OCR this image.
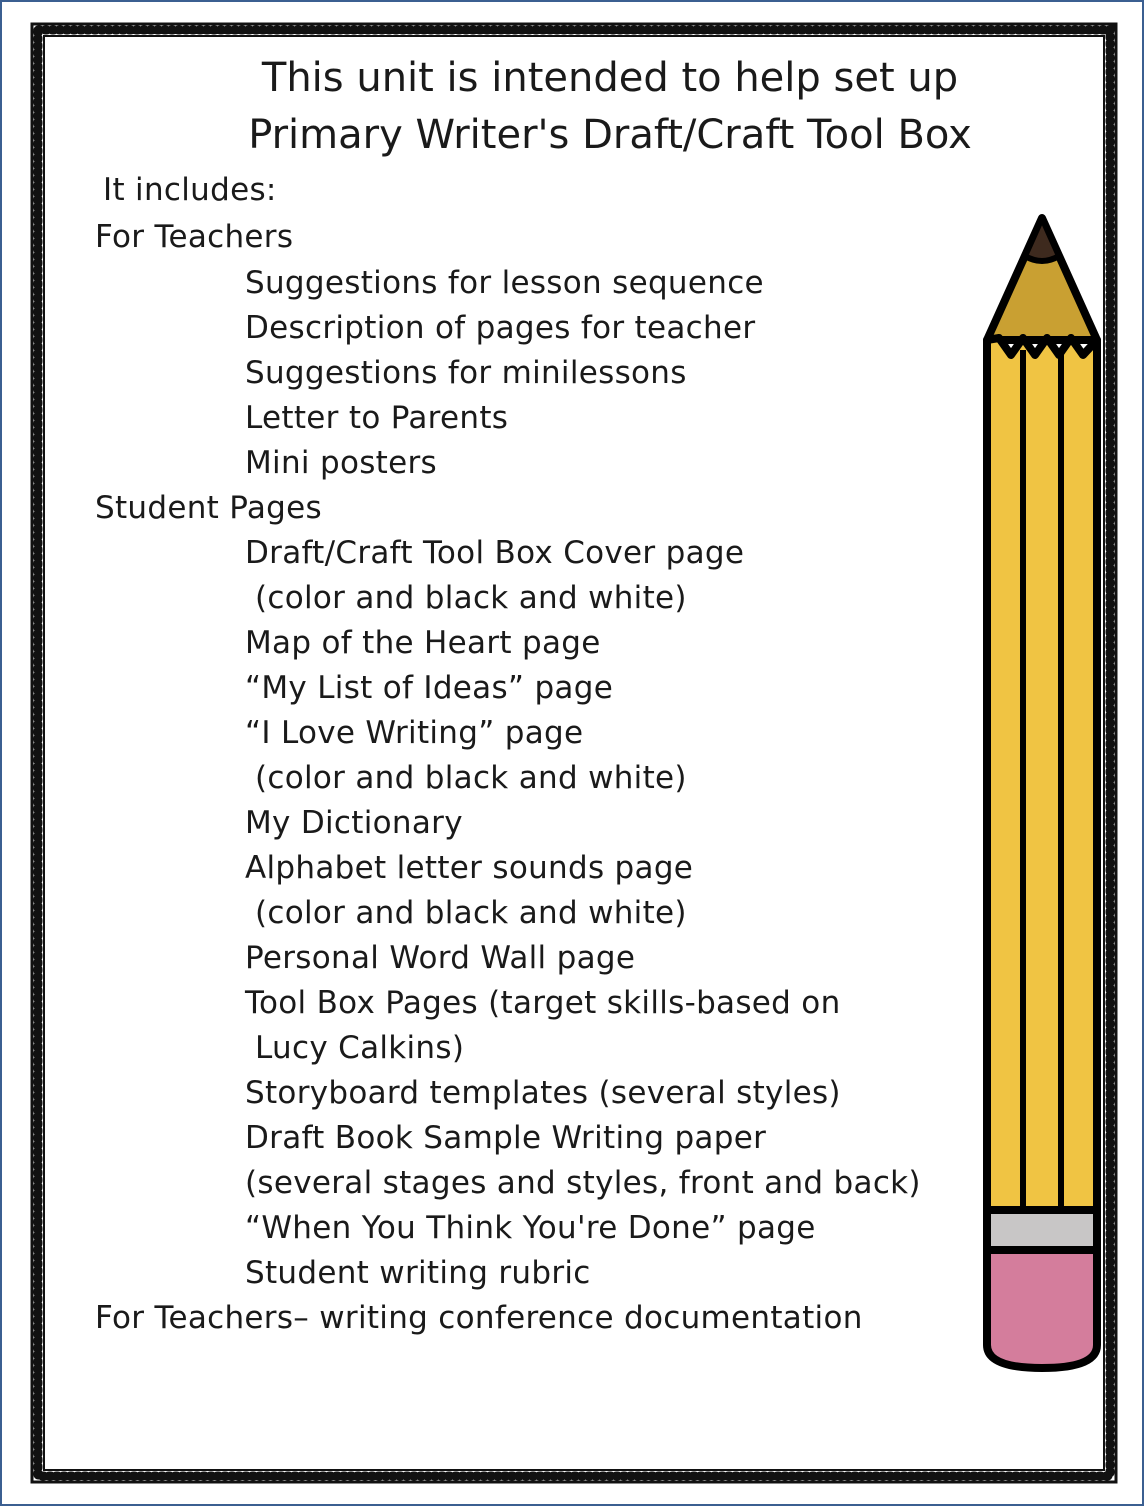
This unit is intended to help set up
Primary Writer's Draft/Craft Tool Box
It includes:
For Teachers
Suggestions for lesson sequence
Description of pages for teacher
Suggestions for minilessons
Letter to Parents
Mini posters
Student Pages
Draft/Craft Tool Box Cover page
(color and black and white)
Map of the Heart page
“My List of Ideas” page
“I Love Writing” page
(color and black and white)
My Dictionary
Alphabet letter sounds page
(color and black and white)
Personal Word Wall page
Tool Box Pages (target skills-based on
Lucy Calkins)
Storyboard templates (several styles)
Draft Book Sample Writing paper
(several stages and styles, front and back)
“When You Think You're Done” page
Student writing rubric
For Teachers– writing conference documentation
